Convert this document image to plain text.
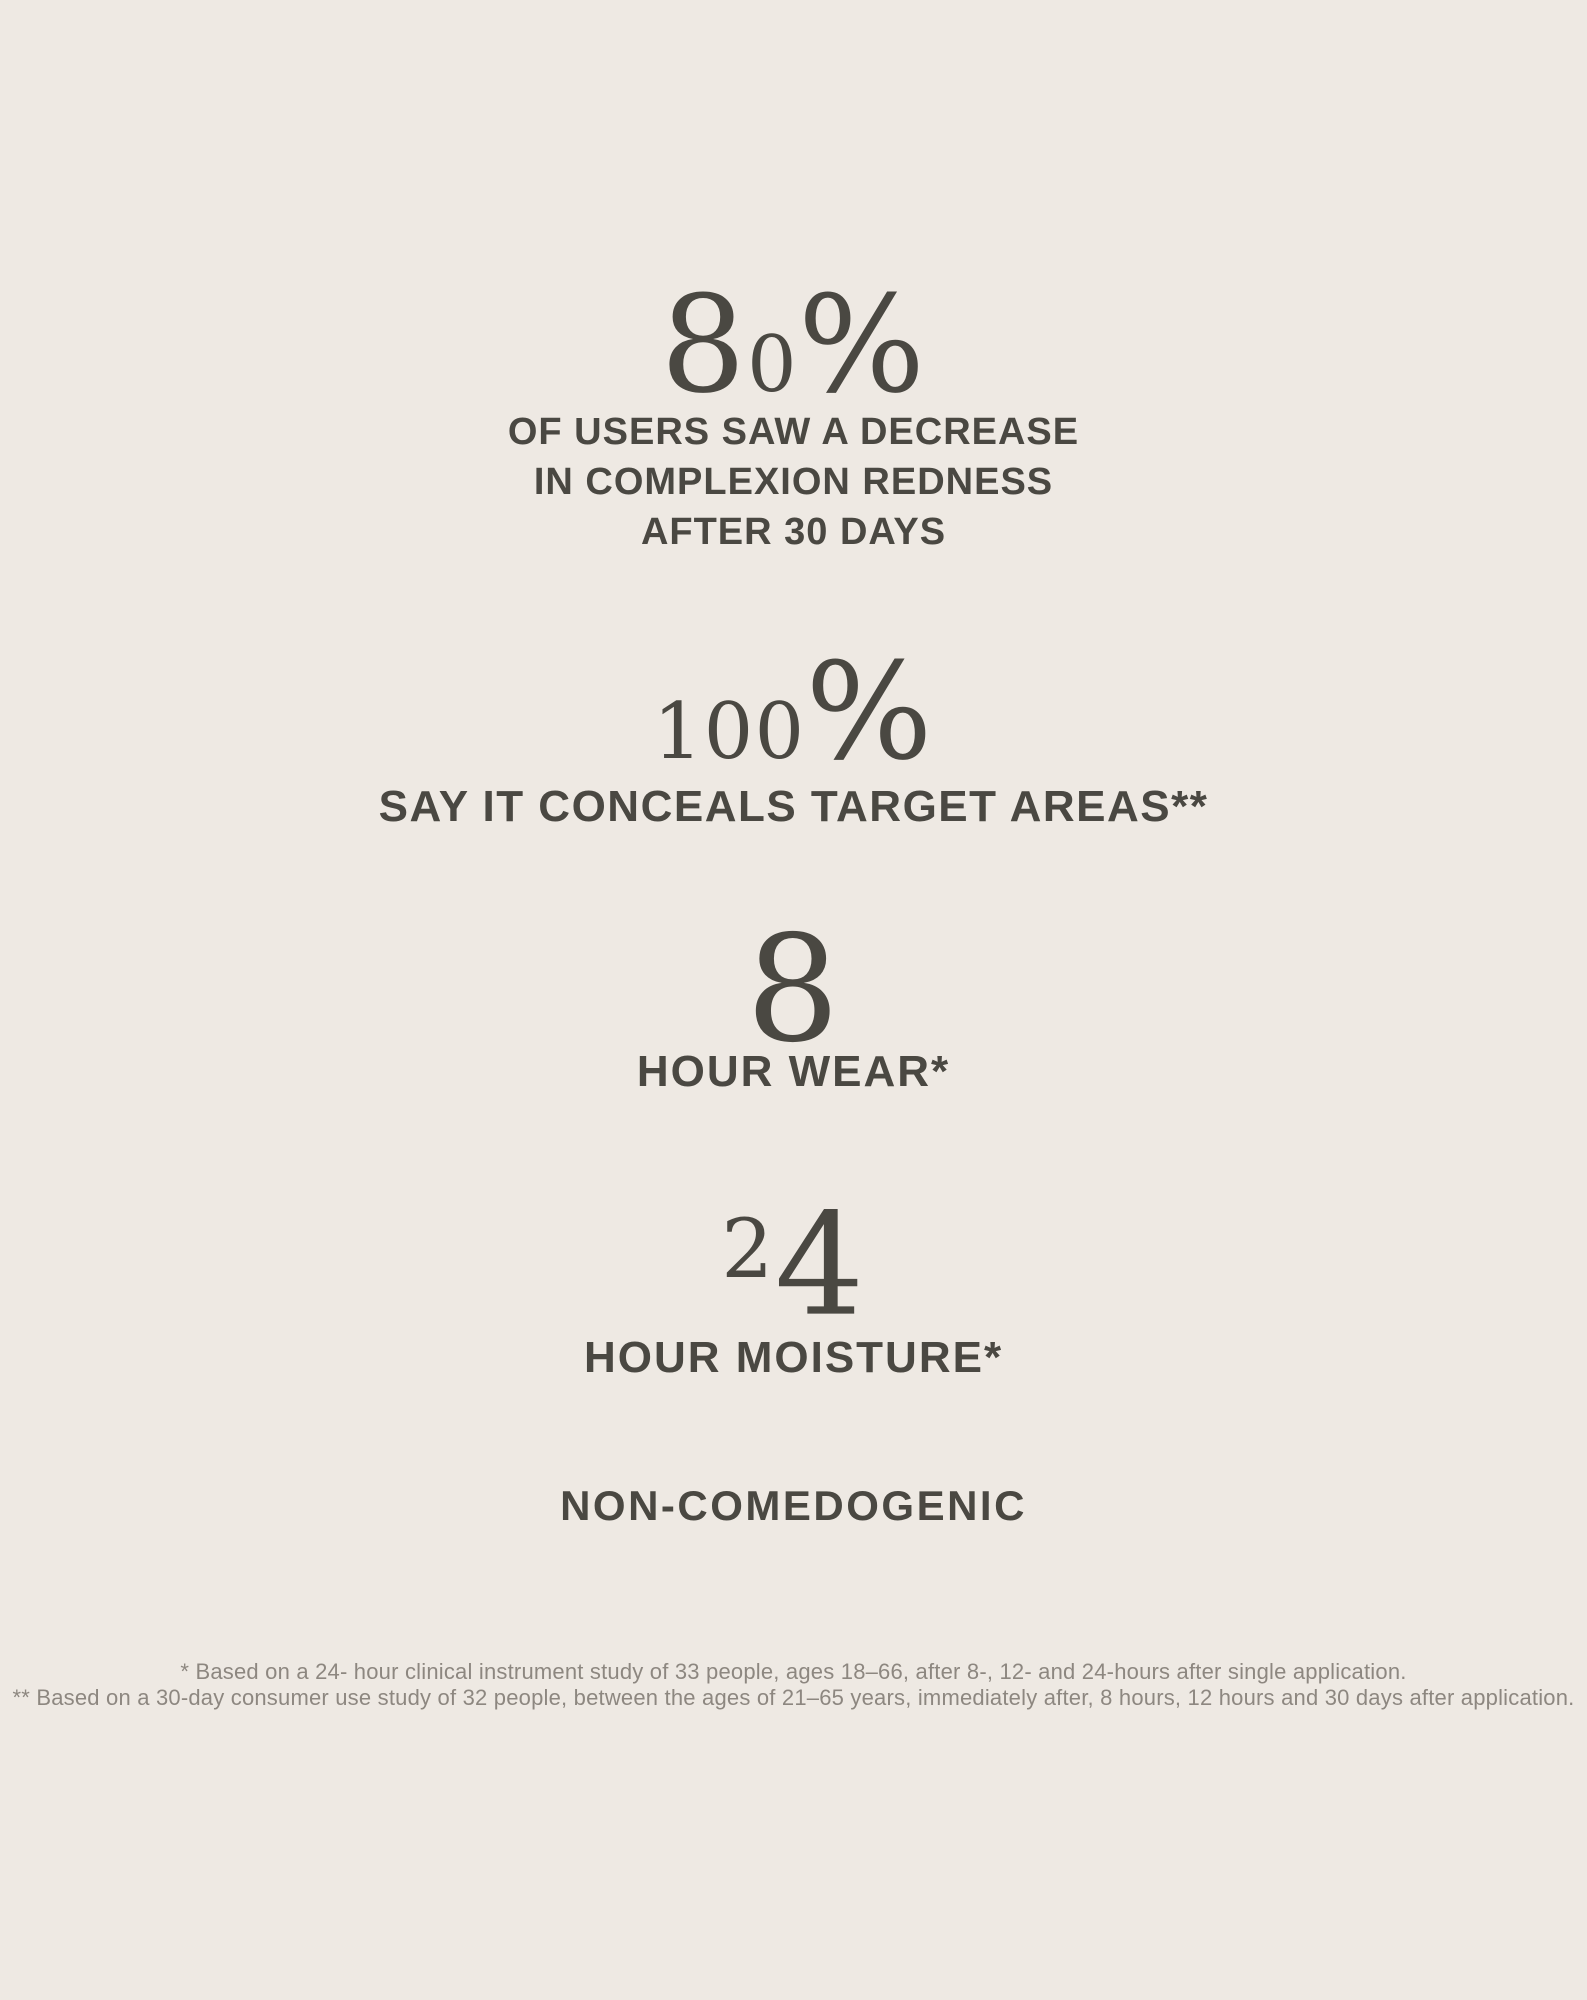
80%
OF USERS SAW A DECREASE
IN COMPLEXION REDNESS
AFTER 30 DAYS
100%
SAY IT CONCEALS TARGET AREAS**
8
HOUR WEAR*
24
HOUR MOISTURE*
NON-COMEDOGENIC
* Based on a 24- hour clinical instrument study of 33 people, ages 18–66, after 8-, 12- and 24-hours after single application.
** Based on a 30-day consumer use study of 32 people, between the ages of 21–65 years, immediately after, 8 hours, 12 hours and 30 days after application.
